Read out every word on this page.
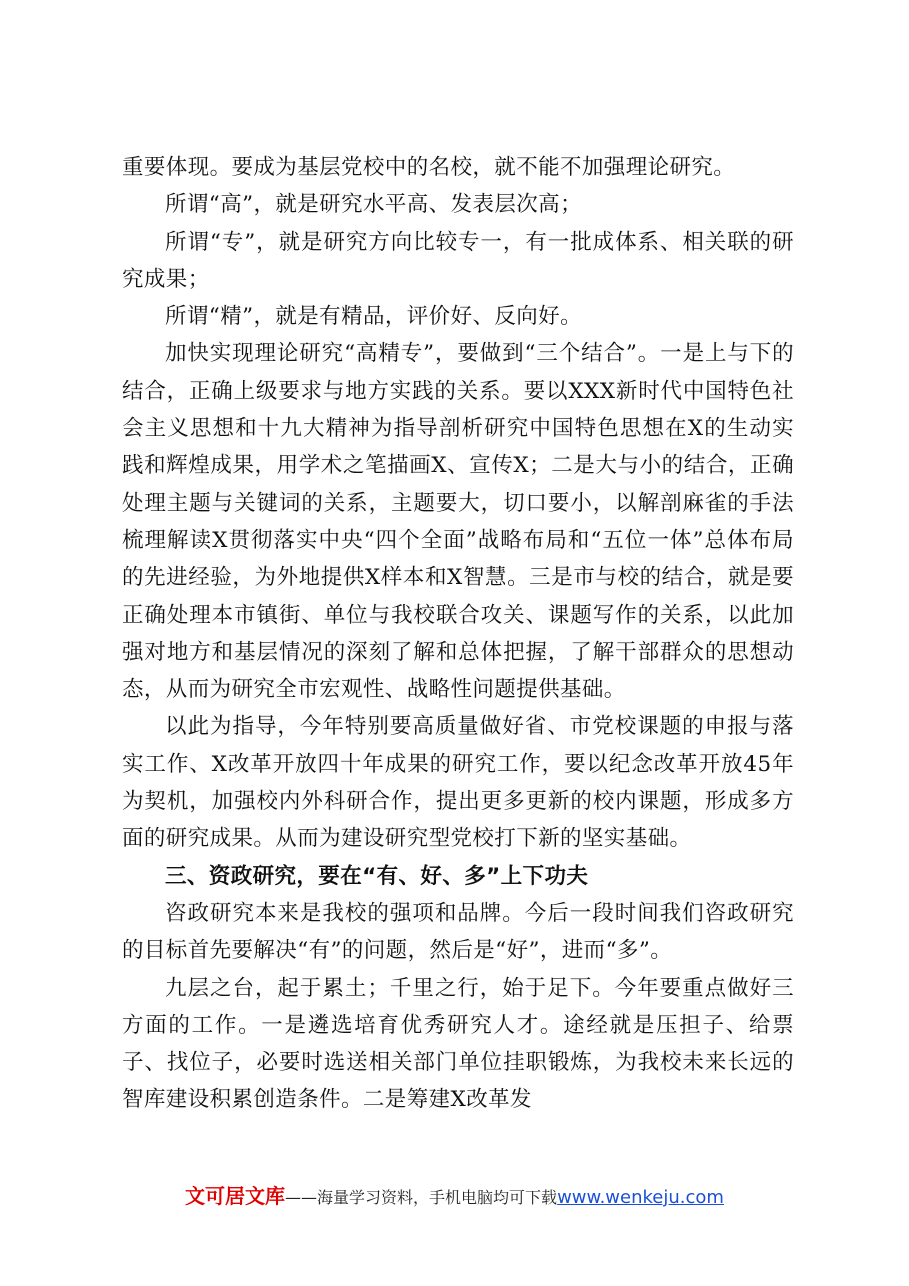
重要体现。要成为基层党校中的名校，就不能不加强理论研究。

所谓“高”，就是研究水平高、发表层次高；

所谓“专”，就是研究方向比较专一，有一批成体系、相关联的研究成果；

所谓“精”，就是有精品，评价好、反向好。

加快实现理论研究“高精专”，要做到“三个结合”。一是上与下的结合，正确上级要求与地方实践的关系。要以XXX新时代中国特色社会主义思想和十九大精神为指导剖析研究中国特色思想在X的生动实践和辉煌成果，用学术之笔描画X、宣传X；二是大与小的结合，正确处理主题与关键词的关系，主题要大，切口要小，以解剖麻雀的手法梳理解读X贯彻落实中央“四个全面”战略布局和“五位一体”总体布局的先进经验，为外地提供X样本和X智慧。三是市与校的结合，就是要正确处理本市镇街、单位与我校联合攻关、课题写作的关系，以此加强对地方和基层情况的深刻了解和总体把握，了解干部群众的思想动态，从而为研究全市宏观性、战略性问题提供基础。

以此为指导，今年特别要高质量做好省、市党校课题的申报与落实工作、X改革开放四十年成果的研究工作，要以纪念改革开放45年为契机，加强校内外科研合作，提出更多更新的校内课题，形成多方面的研究成果。从而为建设研究型党校打下新的坚实基础。

三、资政研究，要在“有、好、多”上下功夫

咨政研究本来是我校的强项和品牌。今后一段时间我们咨政研究的目标首先要解决“有”的问题，然后是“好”，进而“多”。

九层之台，起于累土；千里之行，始于足下。今年要重点做好三方面的工作。一是遴选培育优秀研究人才。途经就是压担子、给票子、找位子，必要时选送相关部门单位挂职锻炼，为我校未来长远的智库建设积累创造条件。二是筹建X改革发

文可居文库——海量学习资料，手机电脑均可下载www.wenkeju.com
